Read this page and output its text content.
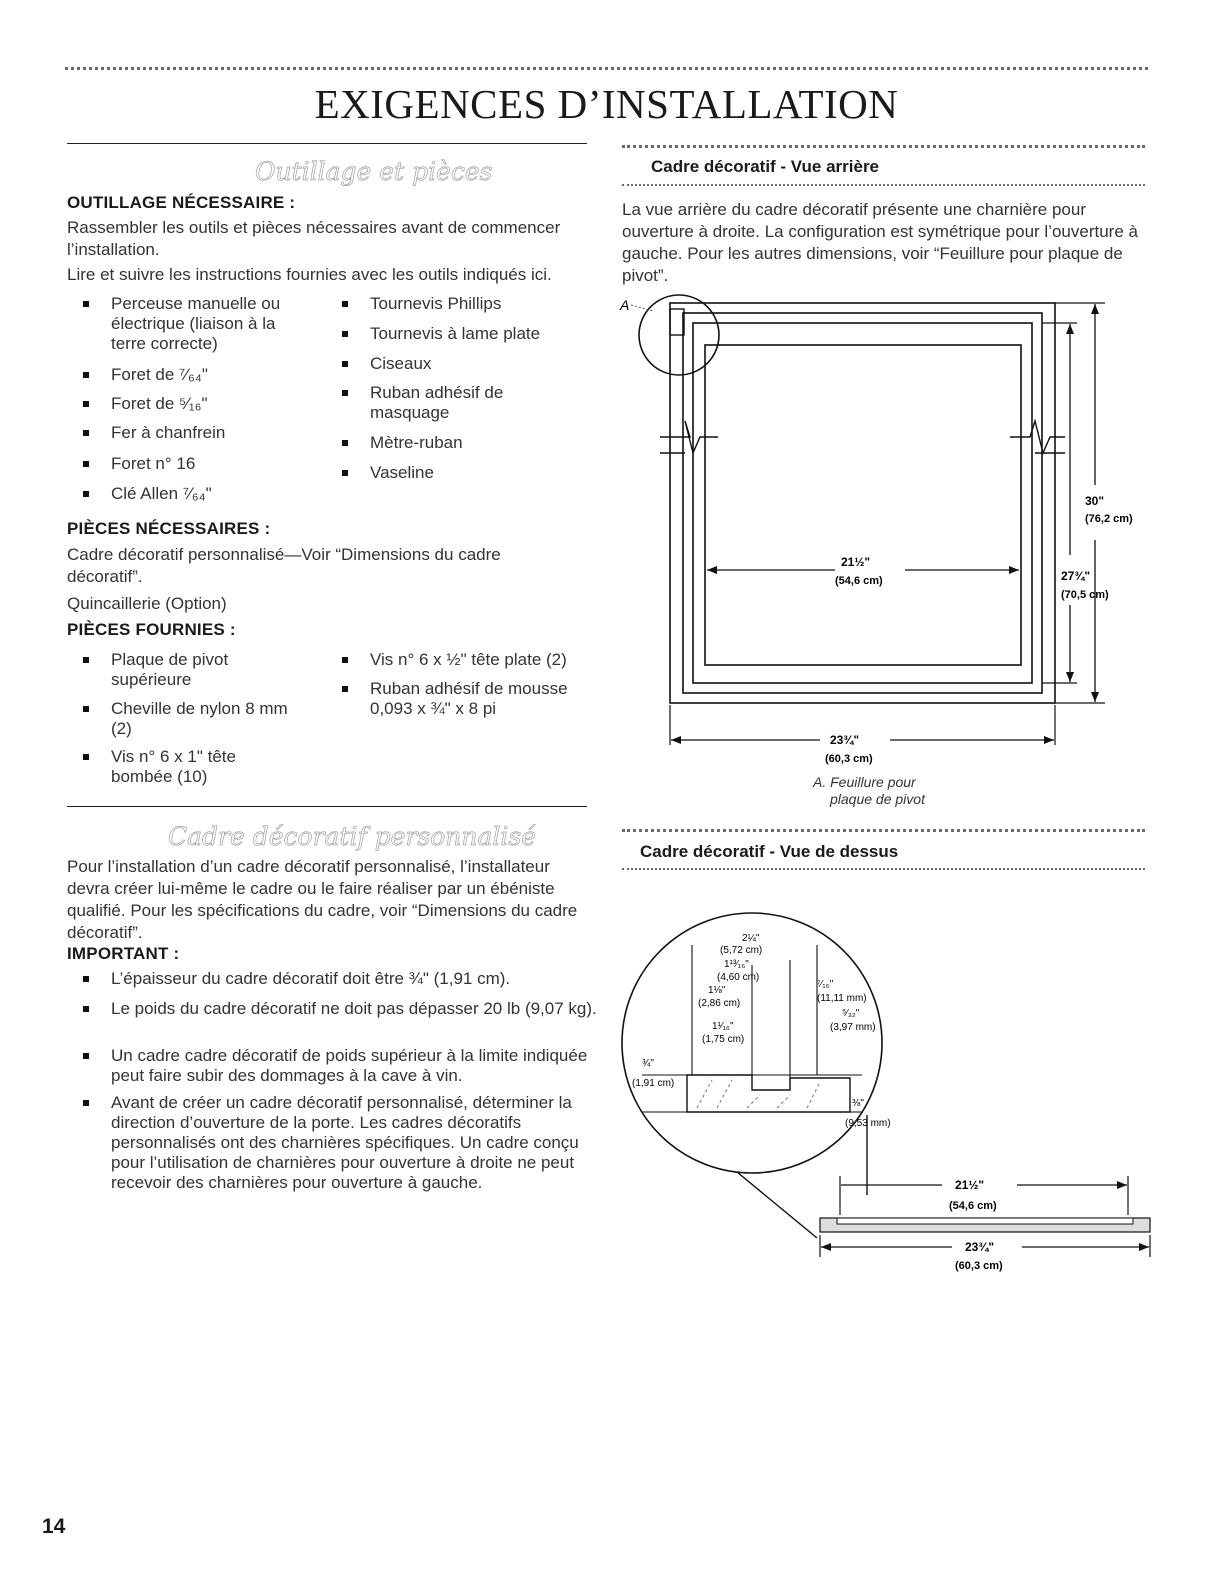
EXIGENCES D’INSTALLATION
Outillage et pièces
OUTILLAGE NÉCESSAIRE :
Rassembler les outils et pièces nécessaires avant de commencer l’installation.
Lire et suivre les instructions fournies avec les outils indiqués ici.
Perceuse manuelle ou électrique (liaison à la terre correcte)
Foret de ⁷⁄₆₄"
Foret de ⁵⁄₁₆"
Fer à chanfrein
Foret n° 16
Clé Allen ⁷⁄₆₄"
Tournevis Phillips
Tournevis à lame plate
Ciseaux
Ruban adhésif de masquage
Mètre-ruban
Vaseline
PIÈCES NÉCESSAIRES :
Cadre décoratif personnalisé—Voir “Dimensions du cadre décoratif”.
Quincaillerie (Option)
PIÈCES FOURNIES :
Plaque de pivot supérieure
Cheville de nylon 8 mm (2)
Vis n° 6 x 1" tête bombée (10)
Vis n° 6 x ½" tête plate (2)
Ruban adhésif de mousse 0,093 x ¾" x 8 pi
Cadre décoratif personnalisé
Pour l’installation d’un cadre décoratif personnalisé, l’installateur devra créer lui-même le cadre ou le faire réaliser par un ébéniste qualifié. Pour les spécifications du cadre, voir “Dimensions du cadre décoratif”.
IMPORTANT :
L’épaisseur du cadre décoratif doit être ¾" (1,91 cm).
Le poids du cadre décoratif ne doit pas dépasser 20 lb (9,07 kg).
Un cadre cadre décoratif de poids supérieur à la limite indiquée peut faire subir des dommages à la cave à vin.
Avant de créer un cadre décoratif personnalisé, déterminer la direction d’ouverture de la porte. Les cadres décoratifs personnalisés ont des charnières spécifiques. Un cadre conçu pour l’utilisation de charnières pour ouverture à droite ne peut recevoir des charnières pour ouverture à gauche.
Cadre décoratif - Vue arrière
La vue arrière du cadre décoratif présente une charnière pour ouverture à droite. La configuration est symétrique pour l’ouverture à gauche. Pour les autres dimensions, voir “Feuillure pour plaque de pivot”.
A
21½"
(54,6 cm)
23¾"
(60,3 cm)
30"
(76,2 cm)
27¾"
(70,5 cm)
A. Feuillure pour
plaque de pivot
Cadre décoratif - Vue de dessus
2¼"
(5,72 cm)
1¹³⁄₁₆"
(4,60 cm)
1⅛"
(2,86 cm)
1¹⁄₁₆"
(1,75 cm)
⁷⁄₁₆"
(11,11 mm)
⁵⁄₃₂"
(3,97 mm)
¾"
(1,91 cm)
⅜"
(9,53 mm)
21½"
(54,6 cm)
23¾"
(60,3 cm)
14
